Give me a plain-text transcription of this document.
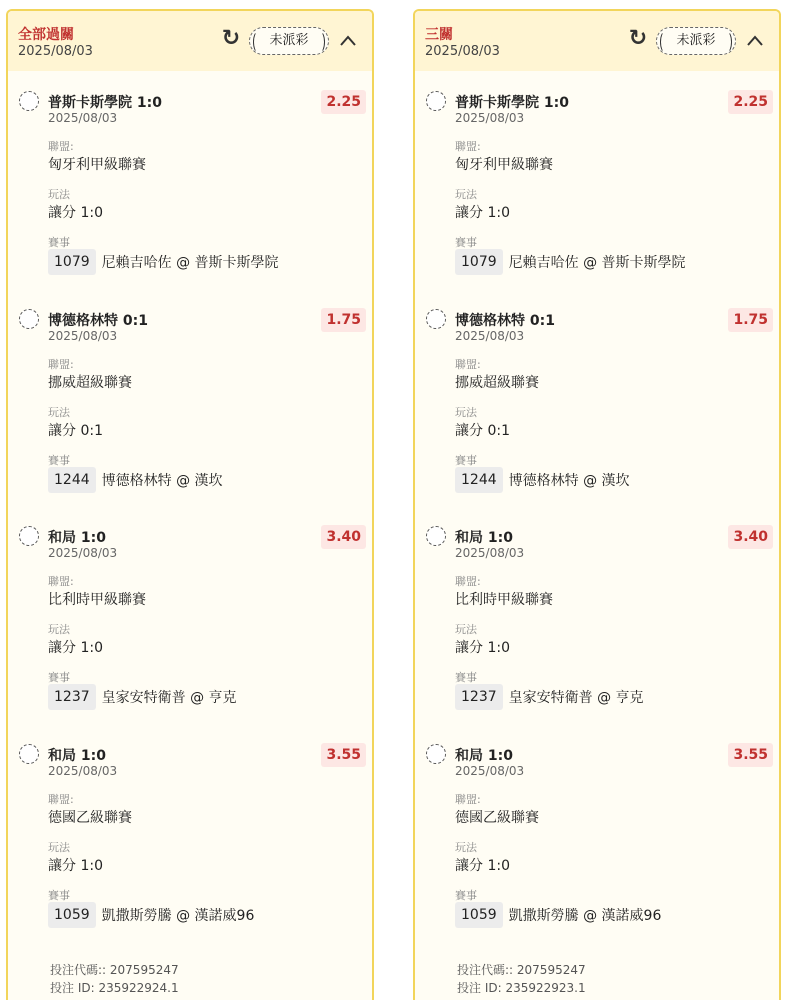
全部過關
2025/08/03
↻	未派彩
普斯卡斯學院 1:0
2025/08/03
2.25
聯盟:
匈牙利甲級聯賽
玩法
讓分 1:0
賽事
1079 尼賴吉哈佐 @ 普斯卡斯學院
博德格林特 0:1
2025/08/03
1.75
聯盟:
挪威超級聯賽
玩法
讓分 0:1
賽事
1244 博德格林特 @ 漢坎
和局 1:0
2025/08/03
3.40
聯盟:
比利時甲級聯賽
玩法
讓分 1:0
賽事
1237 皇家安特衛普 @ 亨克
和局 1:0
2025/08/03
3.55
聯盟:
德國乙級聯賽
玩法
讓分 1:0
賽事
1059 凱撒斯勞騰 @ 漢諾威96
投注代碼:: 207595247
投注 ID: 235922924.1
三關
2025/08/03
↻	未派彩
普斯卡斯學院 1:0
2025/08/03
2.25
聯盟:
匈牙利甲級聯賽
玩法
讓分 1:0
賽事
1079 尼賴吉哈佐 @ 普斯卡斯學院
博德格林特 0:1
2025/08/03
1.75
聯盟:
挪威超級聯賽
玩法
讓分 0:1
賽事
1244 博德格林特 @ 漢坎
和局 1:0
2025/08/03
3.40
聯盟:
比利時甲級聯賽
玩法
讓分 1:0
賽事
1237 皇家安特衛普 @ 亨克
和局 1:0
2025/08/03
3.55
聯盟:
德國乙級聯賽
玩法
讓分 1:0
賽事
1059 凱撒斯勞騰 @ 漢諾威96
投注代碼:: 207595247
投注 ID: 235922923.1
